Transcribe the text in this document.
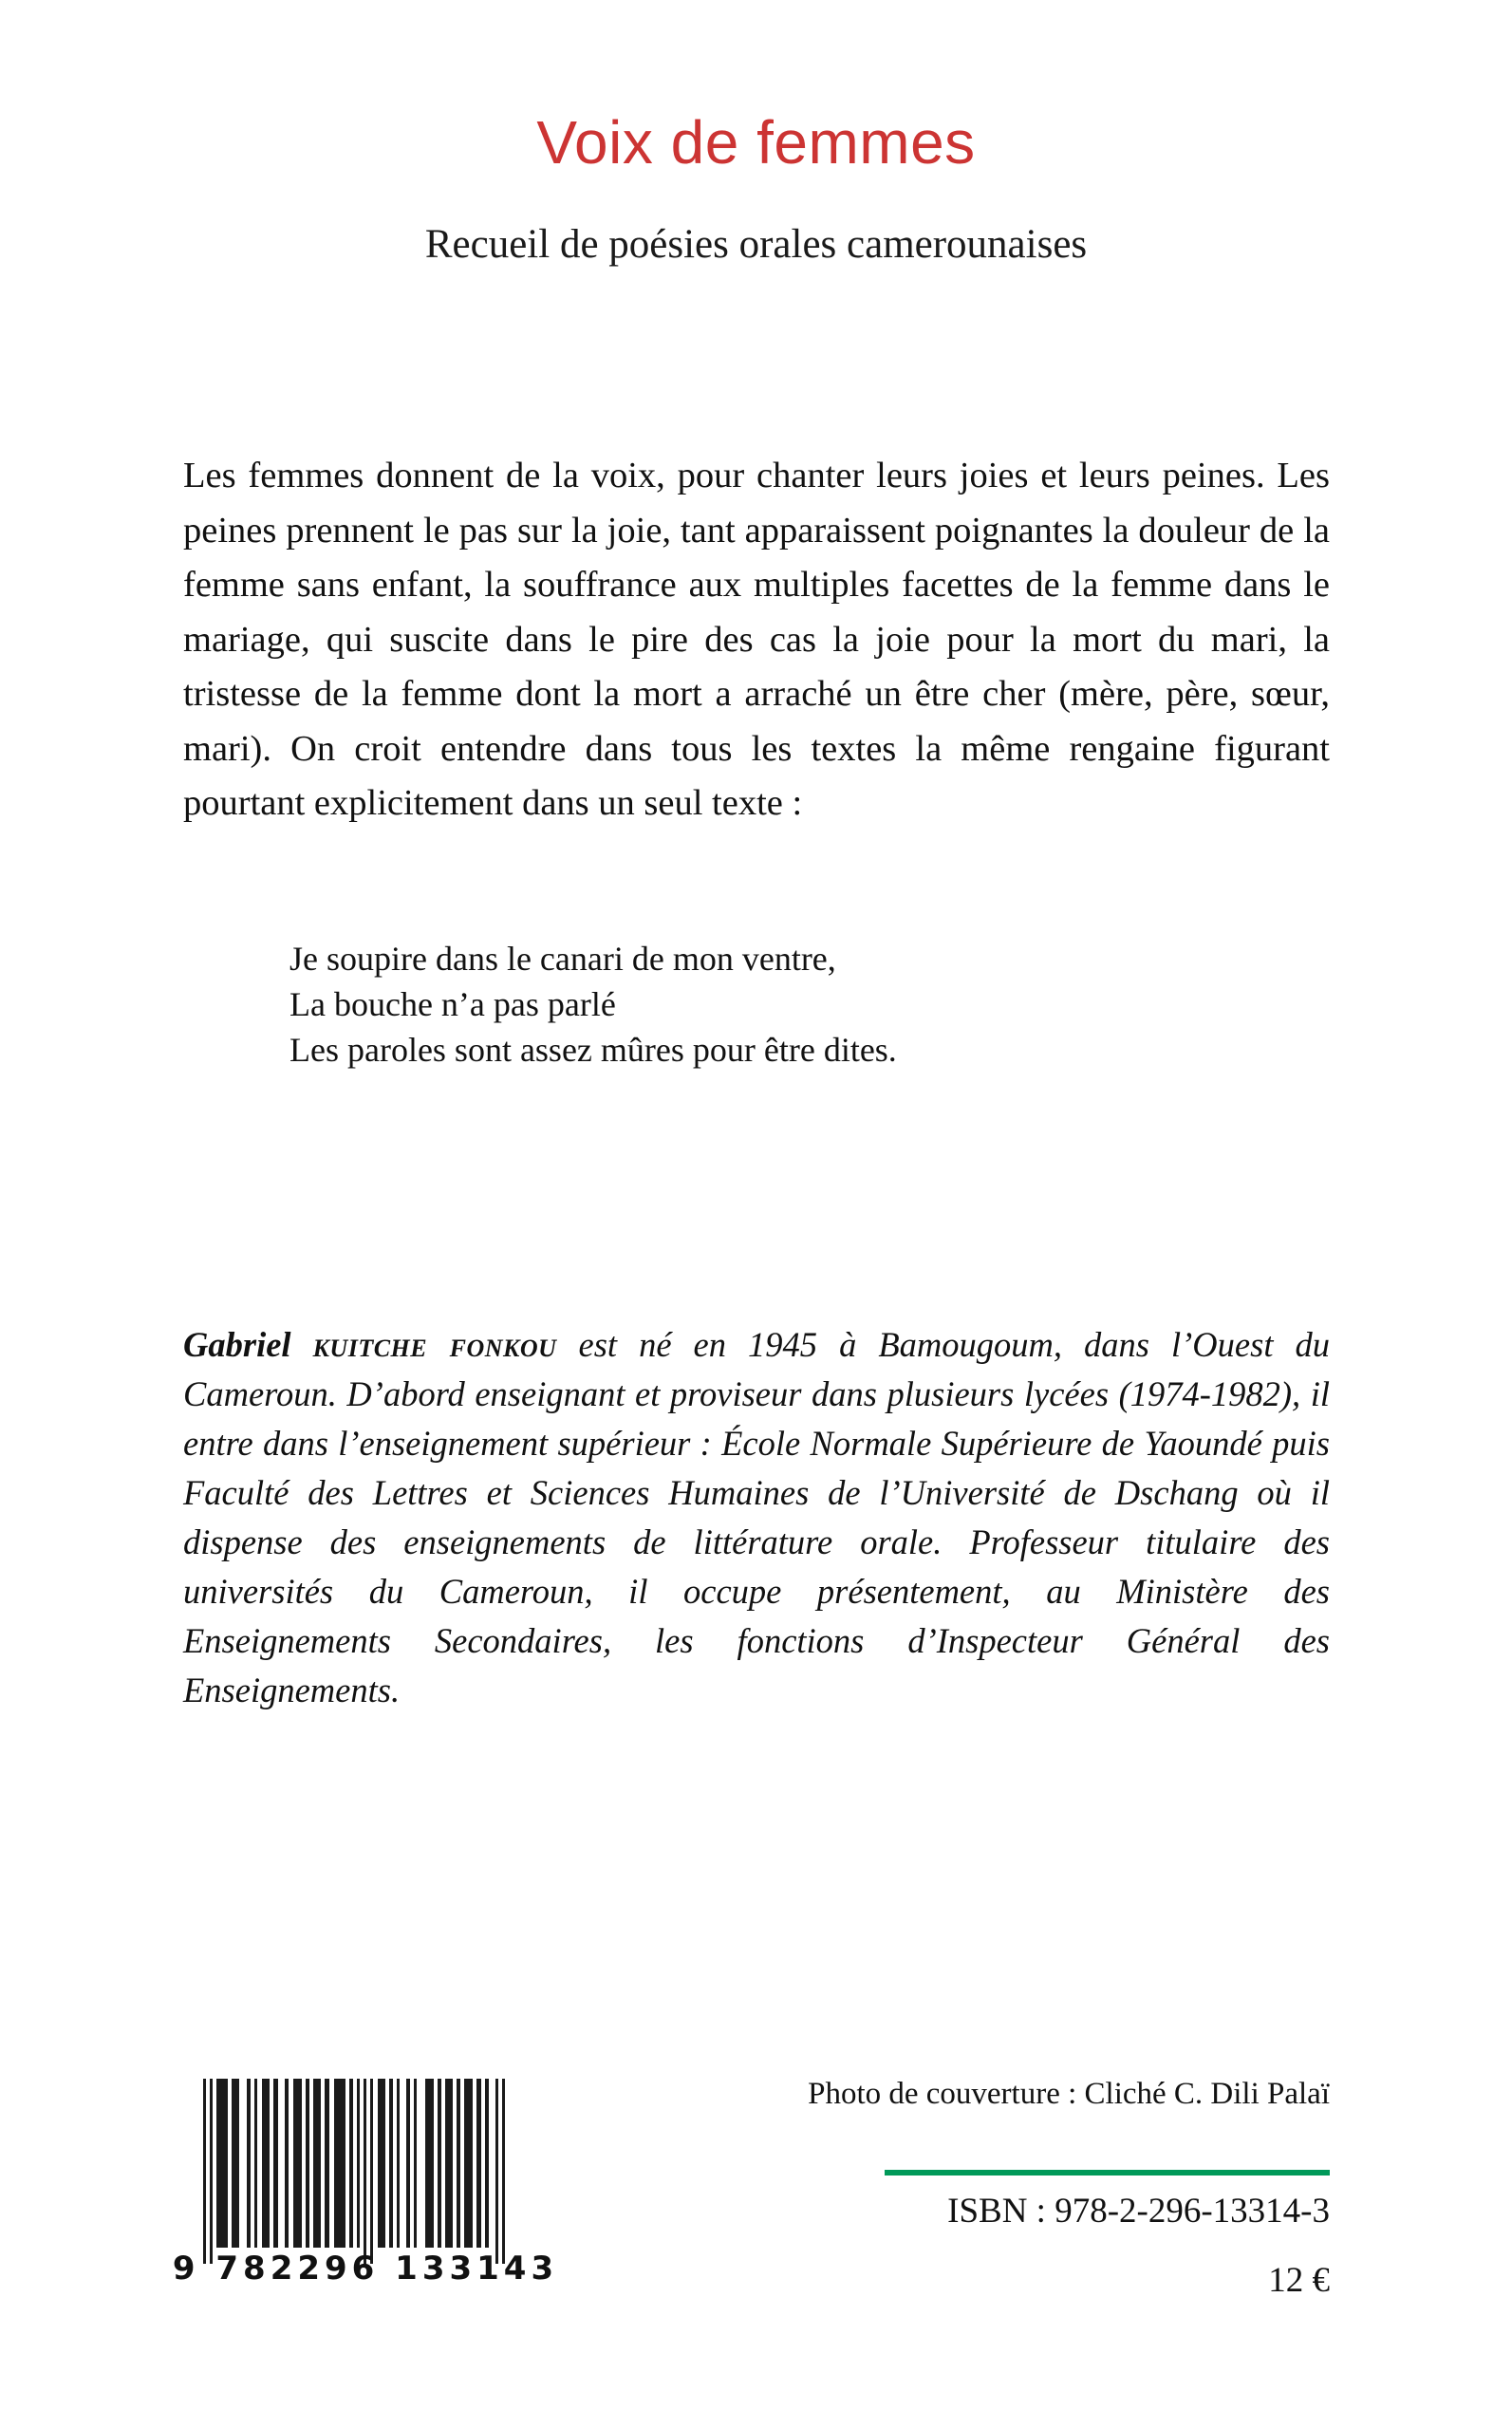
Voix de femmes
Recueil de poésies orales camerounaises
Les femmes donnent de la voix, pour chanter leurs joies et leurs peines. Les peines prennent le pas sur la joie, tant apparaissent poignantes la douleur de la femme sans enfant, la souffrance aux multiples facettes de la femme dans le mariage, qui suscite dans le pire des cas la joie pour la mort du mari, la tristesse de la femme dont la mort a arraché un être cher (mère, père, sœur, mari). On croit entendre dans tous les textes la même rengaine figurant pourtant explicitement dans un seul texte :
Je soupire dans le canari de mon ventre,
La bouche n’a pas parlé
Les paroles sont assez mûres pour être dites.
Gabriel kuitche fonkou est né en 1945 à Bamougoum, dans l’Ouest du Cameroun. D’abord enseignant et proviseur dans plusieurs lycées (1974-1982), il entre dans l’enseignement supérieur : École Normale Supérieure de Yaoundé puis Faculté des Lettres et Sciences Humaines de l’Université de Dschang où il dispense des enseignements de littérature orale. Professeur titulaire des universités du Cameroun, il occupe présentement, au Ministère des Enseignements Secondaires, les fonctions d’Inspecteur Général des Enseignements.
9 782296 133143
Photo de couverture : Cliché C. Dili Palaï
ISBN : 978-2-296-13314-3
12 €
